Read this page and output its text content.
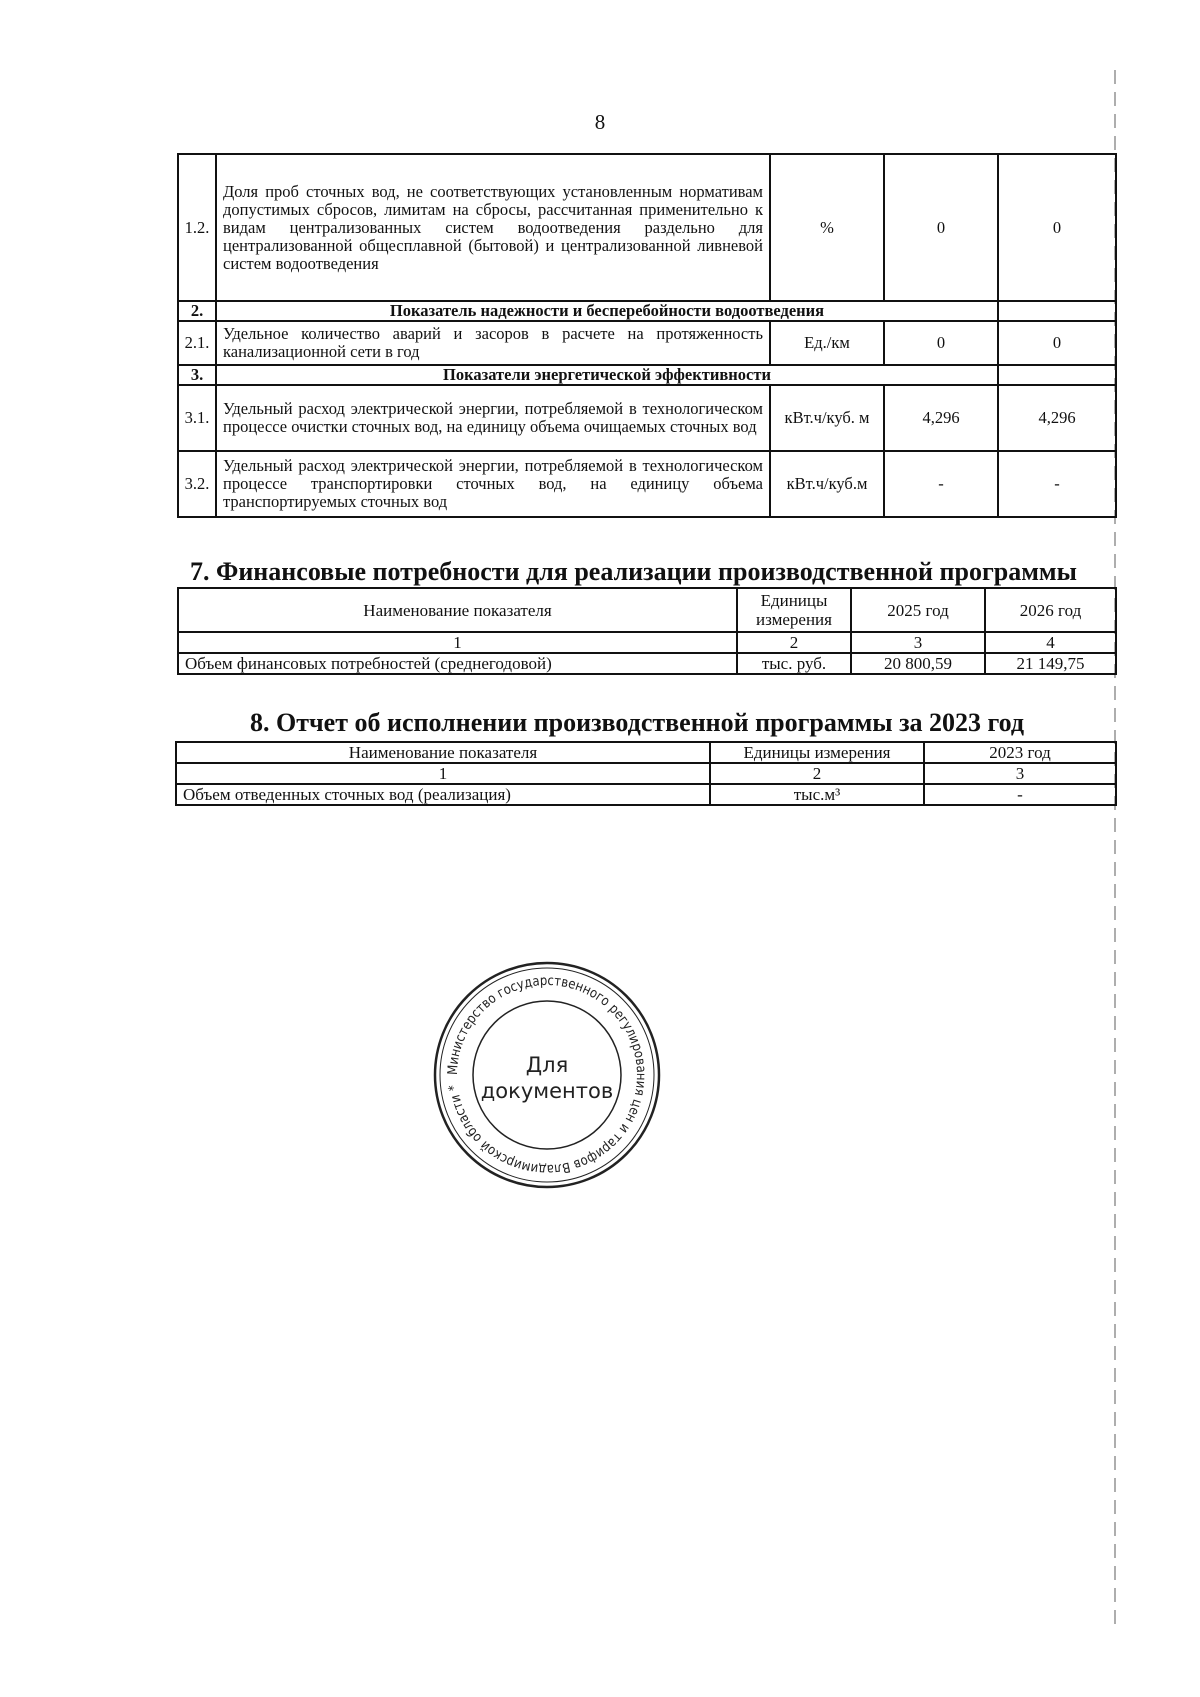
8
1.2.	Доля проб сточных вод, не соответствующих установленным нормативам допустимых сбросов, лимитам на сбросы, рассчитанная применительно к видам централизованных систем водоотведения раздельно для централизованной общесплавной (бытовой) и централизованной ливневой систем водоотведения	%	0	0
2.	Показатель надежности и бесперебойности водоотведения			
2.1.	Удельное количество аварий и засоров в расчете на протяженность канализационной сети в год	Ед./км	0	0
3.	Показатели энергетической эффективности			
3.1.	Удельный расход электрической энергии, потребляемой в технологическом процессе очистки сточных вод, на единицу объема очищаемых сточных вод	кВт.ч/куб. м	4,296	4,296
3.2.	Удельный расход электрической энергии, потребляемой в технологическом процессе транспортировки сточных вод, на единицу объема транспортируемых сточных вод	кВт.ч/куб.м	-	-
7. Финансовые потребности для реализации производственной программы
Наименование показателя	Единицы измерения	2025 год	2026 год
1	2	3	4
Объем финансовых потребностей (среднегодовой)	тыс. руб.	20 800,59	21 149,75
8. Отчет об исполнении производственной программы за 2023 год
Наименование показателя	Единицы измерения	2023 год
1	2	3
Объем отведенных сточных вод (реализация)	тыс.м³	-
Министерство государственного регулирования цен и тарифов Владимирской области *
Для
документов
